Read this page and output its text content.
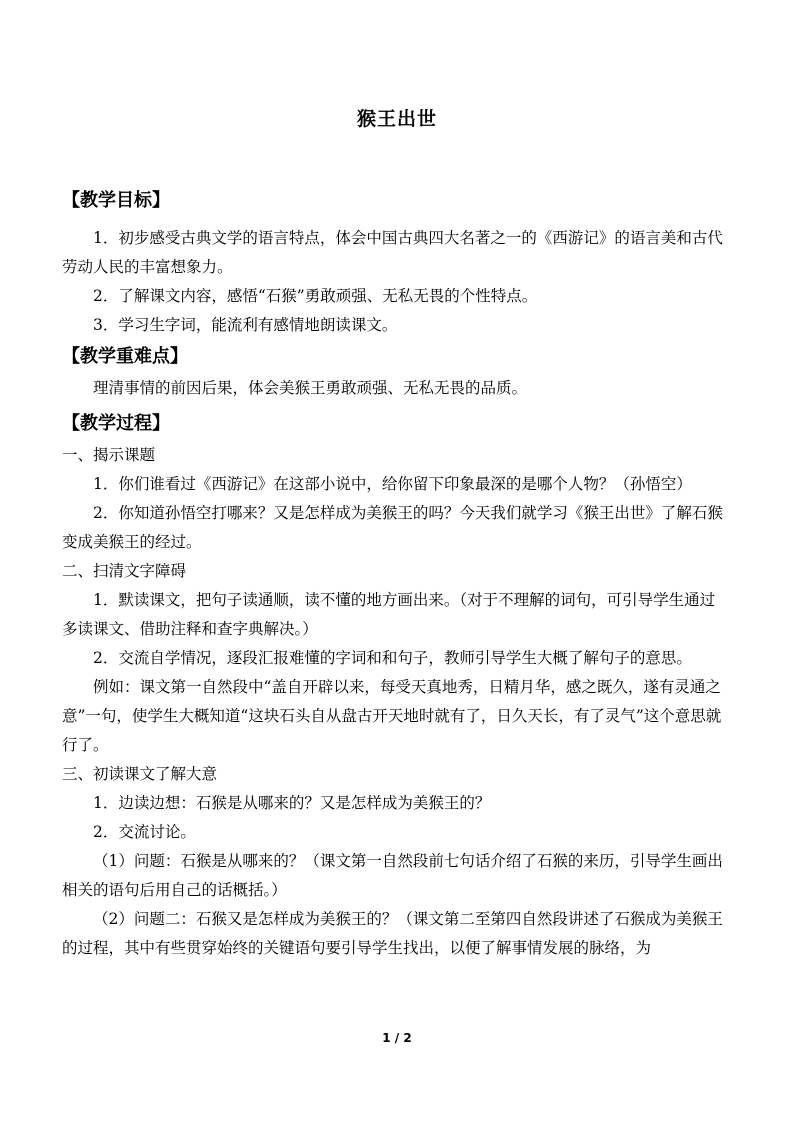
猴王出世
【教学目标】

1．初步感受古典文学的语言特点，体会中国古典四大名著之一的《西游记》的语言美和古代劳动人民的丰富想象力。

2．了解课文内容，感悟“石猴”勇敢顽强、无私无畏的个性特点。

3．学习生字词，能流利有感情地朗读课文。

【教学重难点】

理清事情的前因后果，体会美猴王勇敢顽强、无私无畏的品质。

【教学过程】

一、揭示课题

1．你们谁看过《西游记》在这部小说中，给你留下印象最深的是哪个人物？（孙悟空）

2．你知道孙悟空打哪来？又是怎样成为美猴王的吗？今天我们就学习《猴王出世》了解石猴变成美猴王的经过。

二、扫清文字障碍

1．默读课文，把句子读通顺，读不懂的地方画出来。（对于不理解的词句，可引导学生通过多读课文、借助注释和查字典解决。）

2．交流自学情况，逐段汇报难懂的字词和和句子，教师引导学生大概了解句子的意思。

例如：课文第一自然段中“盖自开辟以来，每受天真地秀，日精月华，感之既久，遂有灵通之意”一句，使学生大概知道“这块石头自从盘古开天地时就有了，日久天长，有了灵气”这个意思就行了。

三、初读课文了解大意

1．边读边想：石猴是从哪来的？又是怎样成为美猴王的？

2．交流讨论。

（1）问题：石猴是从哪来的？（课文第一自然段前七句话介绍了石猴的来历，引导学生画出相关的语句后用自己的话概括。）

（2）问题二：石猴又是怎样成为美猴王的？（课文第二至第四自然段讲述了石猴成为美猴王的过程，其中有些贯穿始终的关键语句要引导学生找出，以便了解事情发展的脉络，为

1 / 2
